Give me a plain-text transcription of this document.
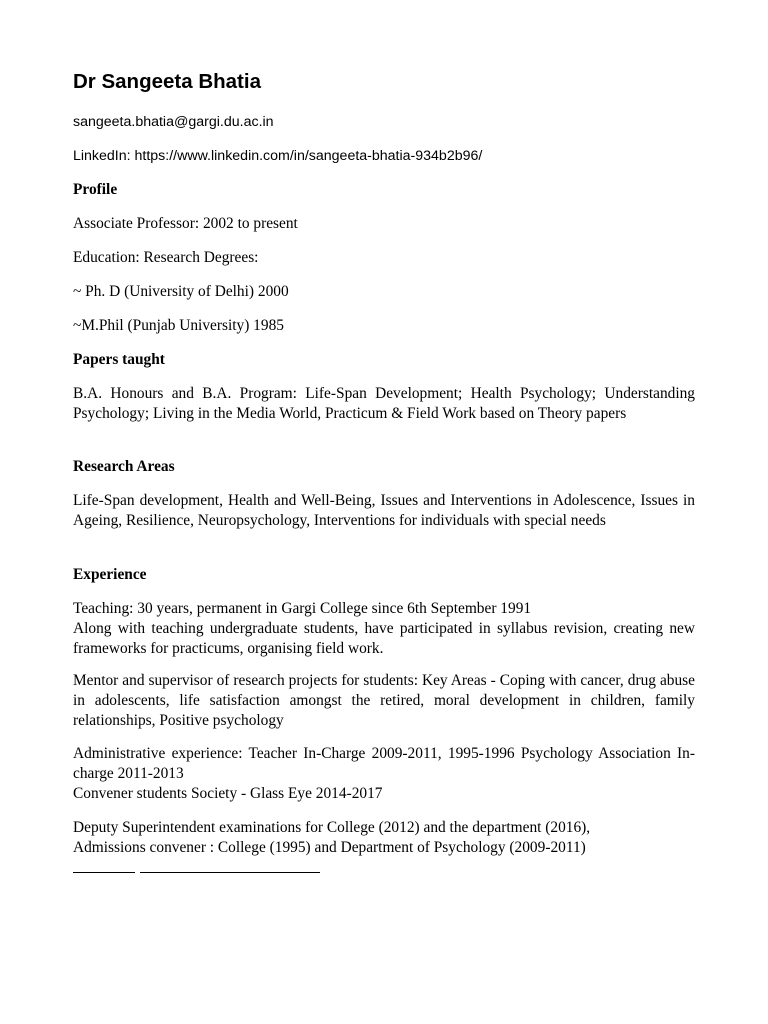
Dr Sangeeta Bhatia
sangeeta.bhatia@gargi.du.ac.in
LinkedIn: https://www.linkedin.com/in/sangeeta-bhatia-934b2b96/
Profile
Associate Professor: 2002 to present
Education: Research Degrees:
~ Ph. D (University of Delhi) 2000
~M.Phil (Punjab University) 1985
Papers taught
B.A. Honours and B.A. Program: Life-Span Development; Health Psychology; Understanding Psychology; Living in the Media World, Practicum & Field Work based on Theory papers
Research Areas
Life-Span development, Health and Well-Being, Issues and Interventions in Adolescence, Issues in Ageing, Resilience, Neuropsychology, Interventions for individuals with special needs
Experience
Teaching: 30 years, permanent in Gargi College since 6th September 1991
Along with teaching undergraduate students, have participated in syllabus revision, creating new frameworks for practicums, organising field work.
Mentor and supervisor of research projects for students: Key Areas - Coping with cancer, drug abuse in adolescents, life satisfaction amongst the retired, moral development in children, family relationships, Positive psychology
Administrative experience: Teacher In-Charge 2009-2011, 1995-1996 Psychology Association In-charge 2011-2013
Convener students Society - Glass Eye 2014-2017
Deputy Superintendent examinations for College (2012) and the department (2016),
Admissions convener : College (1995) and Department of Psychology (2009-2011)
